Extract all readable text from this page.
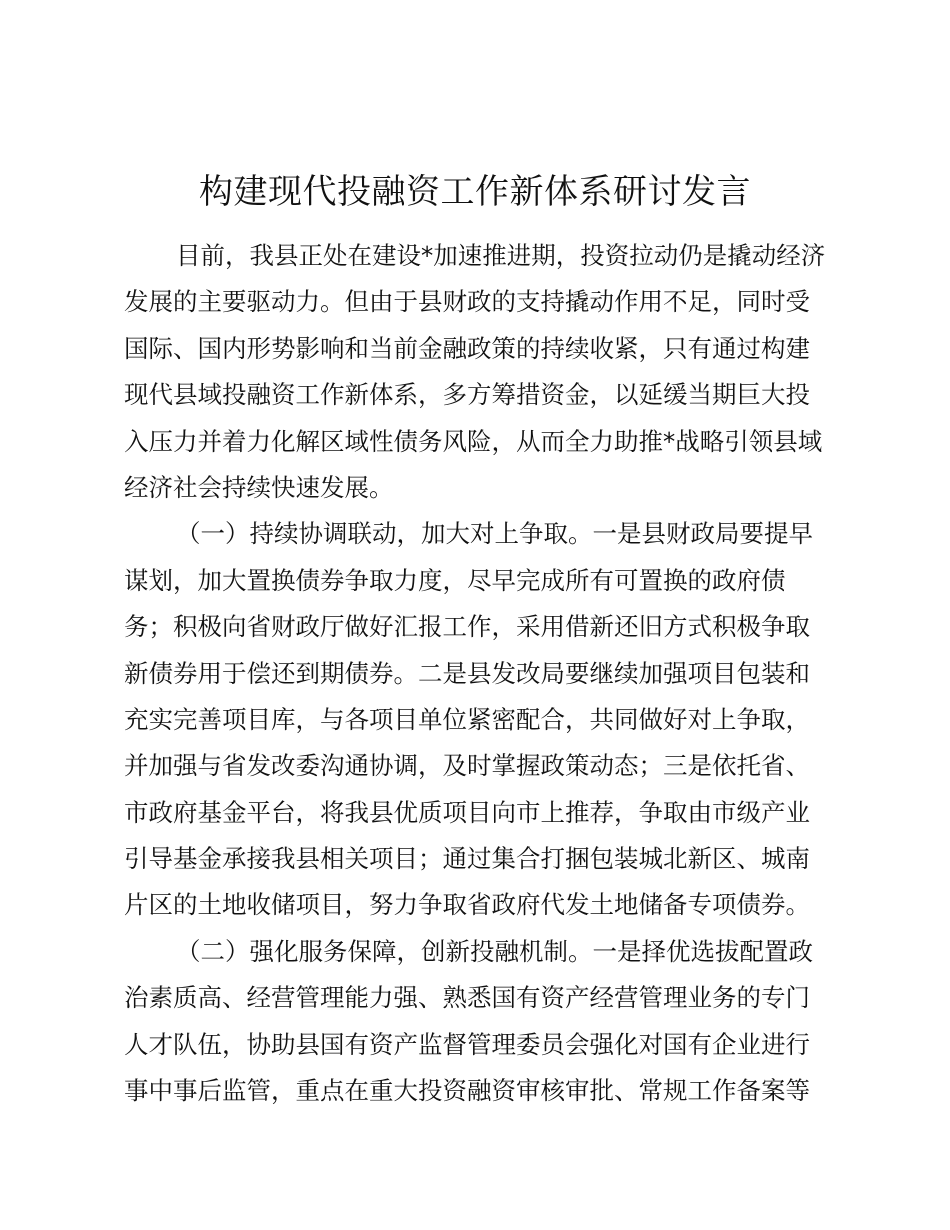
构建现代投融资工作新体系研讨发言
目前，我县正处在建设*加速推进期，投资拉动仍是撬动经济
发展的主要驱动力。但由于县财政的支持撬动作用不足，同时受
国际、国内形势影响和当前金融政策的持续收紧，只有通过构建
现代县域投融资工作新体系，多方筹措资金，以延缓当期巨大投
入压力并着力化解区域性债务风险，从而全力助推*战略引领县域
经济社会持续快速发展。
（一）持续协调联动，加大对上争取。一是县财政局要提早
谋划，加大置换债券争取力度，尽早完成所有可置换的政府债
务；积极向省财政厅做好汇报工作，采用借新还旧方式积极争取
新债券用于偿还到期债券。二是县发改局要继续加强项目包装和
充实完善项目库，与各项目单位紧密配合，共同做好对上争取，
并加强与省发改委沟通协调，及时掌握政策动态；三是依托省、
市政府基金平台，将我县优质项目向市上推荐，争取由市级产业
引导基金承接我县相关项目；通过集合打捆包装城北新区、城南
片区的土地收储项目，努力争取省政府代发土地储备专项债券。
（二）强化服务保障，创新投融机制。一是择优选拔配置政
治素质高、经营管理能力强、熟悉国有资产经营管理业务的专门
人才队伍，协助县国有资产监督管理委员会强化对国有企业进行
事中事后监管，重点在重大投资融资审核审批、常规工作备案等
